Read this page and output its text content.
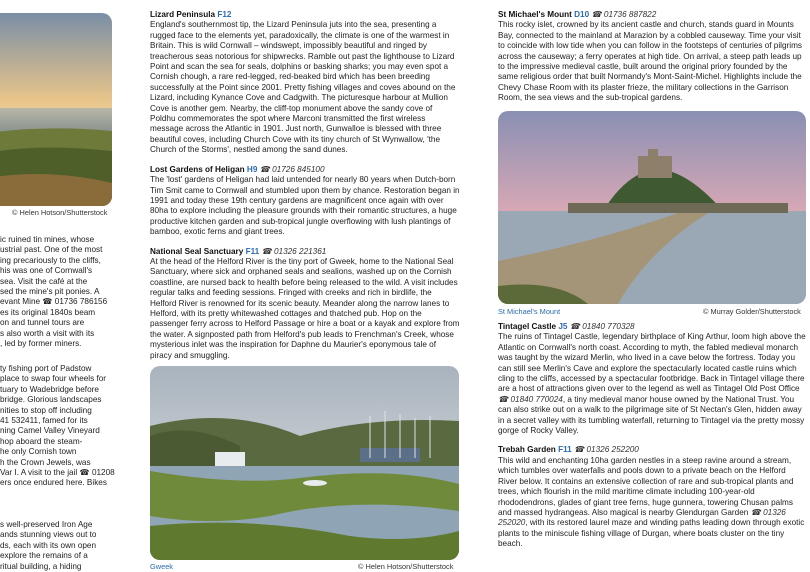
© Helen Hotson/Shutterstock
ic ruined tin mines, whose
ustrial past. One of the most
ing precariously to the cliffs,
his was one of Cornwall's
sea. Visit the café at the
sed the mine's pit ponies. A
evant Mine ☎ 01736 786156
es its original 1840s beam
on and tunnel tours are
s also worth a visit with its
, led by former miners.
ty fishing port of Padstow
place to swap four wheels for
tuary to Wadebridge before
bridge. Glorious landscapes
nities to stop off including
41 532411, famed for its
ning Camel Valley Vineyard
hop aboard the steam-
he only Cornish town
h the Crown Jewels, was
Var I. A visit to the jail ☎ 01208
ers once endured here. Bikes
s well-preserved Iron Age
ands stunning views out to
ds, each with its own open
explore the remains of a
ritual building, a hiding

Lizard Peninsula F12
England's southernmost tip, the Lizard Peninsula juts into the sea, presenting a rugged face to the elements yet, paradoxically, the climate is one of the warmest in Britain. This is wild Cornwall – windswept, impossibly beautiful and ringed by treacherous seas notorious for shipwrecks. Ramble out past the lighthouse to Lizard Point and scan the sea for seals, dolphins or basking sharks; you may even spot a Cornish chough, a rare red-legged, red-beaked bird which has been breeding successfully at the Point since 2001. Pretty fishing villages and coves abound on the Lizard, including Kynance Cove and Cadgwith. The picturesque harbour at Mullion Cove is another gem. Nearby, the cliff-top monument above the sandy cove of Poldhu commemorates the spot where Marconi transmitted the first wireless message across the Atlantic in 1901. Just north, Gunwalloe is blessed with three beautiful coves, including Church Cove with its tiny church of St Wynwallow, 'the Church of the Storms', nestled among the sand dunes.

Lost Gardens of Heligan H9 ☎ 01726 845100
The 'lost' gardens of Heligan had laid untended for nearly 80 years when Dutch-born Tim Smit came to Cornwall and stumbled upon them by chance. Restoration began in 1991 and today these 19th century gardens are magnificent once again with over 80ha to explore including the pleasure grounds with their romantic structures, a huge productive kitchen garden and sub-tropical jungle overflowing with lush plantings of bamboo, exotic ferns and giant trees.

National Seal Sanctuary F11 ☎ 01326 221361
At the head of the Helford River is the tiny port of Gweek, home to the National Seal Sanctuary, where sick and orphaned seals and sealions, washed up on the Cornish coastline, are nursed back to health before being released to the wild. A visit includes regular talks and feeding sessions. Fringed with creeks and rich in birdlife, the Helford River is renowned for its scenic beauty. Meander along the narrow lanes to Helford, with its pretty whitewashed cottages and thatched pub. Hop on the passenger ferry across to Helford Passage or hire a boat or a kayak and explore from the water. A signposted path from Helford's pub leads to Frenchman's Creek, whose mysterious inlet was the inspiration for Daphne du Maurier's eponymous tale of piracy and smuggling.

Gweek	© Helen Hotson/Shutterstock

St Michael's Mount D10 ☎ 01736 887822
This rocky islet, crowned by its ancient castle and church, stands guard in Mounts Bay, connected to the mainland at Marazion by a cobbled causeway. Time your visit to coincide with low tide when you can follow in the footsteps of centuries of pilgrims across the causeway; a ferry operates at high tide. On arrival, a steep path leads up to the impressive medieval castle, built around the original priory founded by the same religious order that built Normandy's Mont-Saint-Michel. Highlights include the Chevy Chase Room with its plaster frieze, the military collections in the Garrison Room, the sea views and the sub-tropical gardens.

St Michael's Mount	© Murray Golder/Shutterstock

Tintagel Castle J5 ☎ 01840 770328
The ruins of Tintagel Castle, legendary birthplace of King Arthur, loom high above the Atlantic on Cornwall's north coast. According to myth, the fabled medieval monarch was taught by the wizard Merlin, who lived in a cave below the fortress. Today you can still see Merlin's Cave and explore the spectacularly located castle ruins which cling to the cliffs, accessed by a spectacular footbridge. Back in Tintagel village there are a host of attractions given over to the legend as well as Tintagel Old Post Office ☎ 01840 770024, a tiny medieval manor house owned by the National Trust. You can also strike out on a walk to the pilgrimage site of St Nectan's Glen, hidden away in a secret valley with its tumbling waterfall, returning to Tintagel via the pretty mossy gorge of Rocky Valley.

Trebah Garden F11 ☎ 01326 252200
This wild and enchanting 10ha garden nestles in a steep ravine around a stream, which tumbles over waterfalls and pools down to a private beach on the Helford River below. It contains an extensive collection of rare and sub-tropical plants and trees, which flourish in the mild maritime climate including 100-year-old rhododendrons, glades of giant tree ferns, huge gunnera, towering Chusan palms and massed hydrangeas. Also magical is nearby Glendurgan Garden ☎ 01326 252020, with its restored laurel maze and winding paths leading down through exotic plants to the miniscule fishing village of Durgan, where boats cluster on the tiny beach.
